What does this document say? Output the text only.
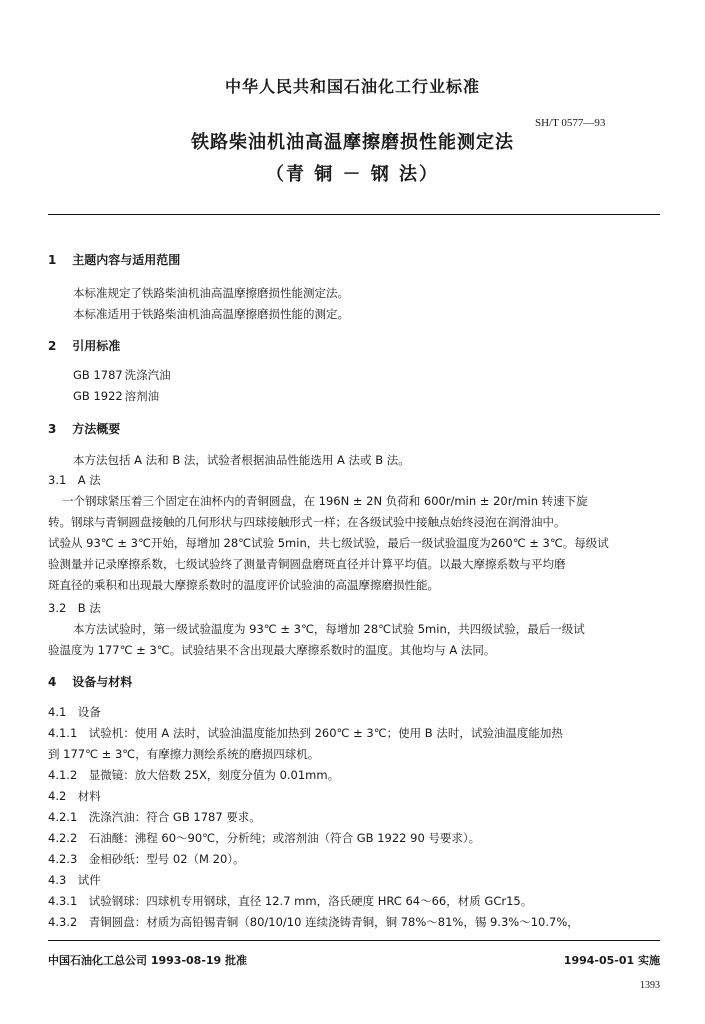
中华人民共和国石油化工行业标准
SH/T 0577—93
铁路柴油机油高温摩擦磨损性能测定法
（青 铜 － 钢 法）
1 主题内容与适用范围
本标准规定了铁路柴油机油高温摩擦磨损性能测定法。
本标准适用于铁路柴油机油高温摩擦磨损性能的测定。
2 引用标准
GB 1787 洗涤汽油
GB 1922 溶剂油
3 方法概要
本方法包括 A 法和 B 法，试验者根据油品性能选用 A 法或 B 法。
3.1　A 法
一个钢球紧压着三个固定在油杯内的青铜圆盘，在 196N ± 2N 负荷和 600r/min ± 20r/min 转速下旋
转。钢球与青铜圆盘接触的几何形状与四球接触形式一样；在各级试验中接触点始终浸泡在润滑油中。
试验从 93℃ ± 3℃开始，每增加 28℃试验 5min，共七级试验，最后一级试验温度为260℃ ± 3℃。每级试
验测量并记录摩擦系数，七级试验终了测量青铜圆盘磨斑直径并计算平均值。以最大摩擦系数与平均磨
斑直径的乘积和出现最大摩擦系数时的温度评价试验油的高温摩擦磨损性能。
3.2　B 法
本方法试验时，第一级试验温度为 93℃ ± 3℃，每增加 28℃试验 5min，共四级试验，最后一级试
验温度为 177℃ ± 3℃。试验结果不含出现最大摩擦系数时的温度。其他均与 A 法同。
4 设备与材料
4.1　设备
4.1.1　试验机：使用 A 法时，试验油温度能加热到 260℃ ± 3℃；使用 B 法时，试验油温度能加热
到 177℃ ± 3℃，有摩擦力测绘系统的磨损四球机。
4.1.2　显微镜：放大倍数 25X，刻度分值为 0.01mm。
4.2　材料
4.2.1　洗涤汽油：符合 GB 1787 要求。
4.2.2　石油醚：沸程 60～90℃，分析纯；或溶剂油（符合 GB 1922 90 号要求）。
4.2.3　金相砂纸：型号 02（M 20）。
4.3　试件
4.3.1　试验钢球：四球机专用钢球，直径 12.7 mm，洛氏硬度 HRC 64～66，材质 GCr15。
4.3.2　青铜圆盘：材质为高铅锡青铜（80/10/10 连续浇铸青铜，铜 78%～81%，锡 9.3%～10.7%，
中国石油化工总公司 1993-08-19 批准	1994-05-01 实施
1393
